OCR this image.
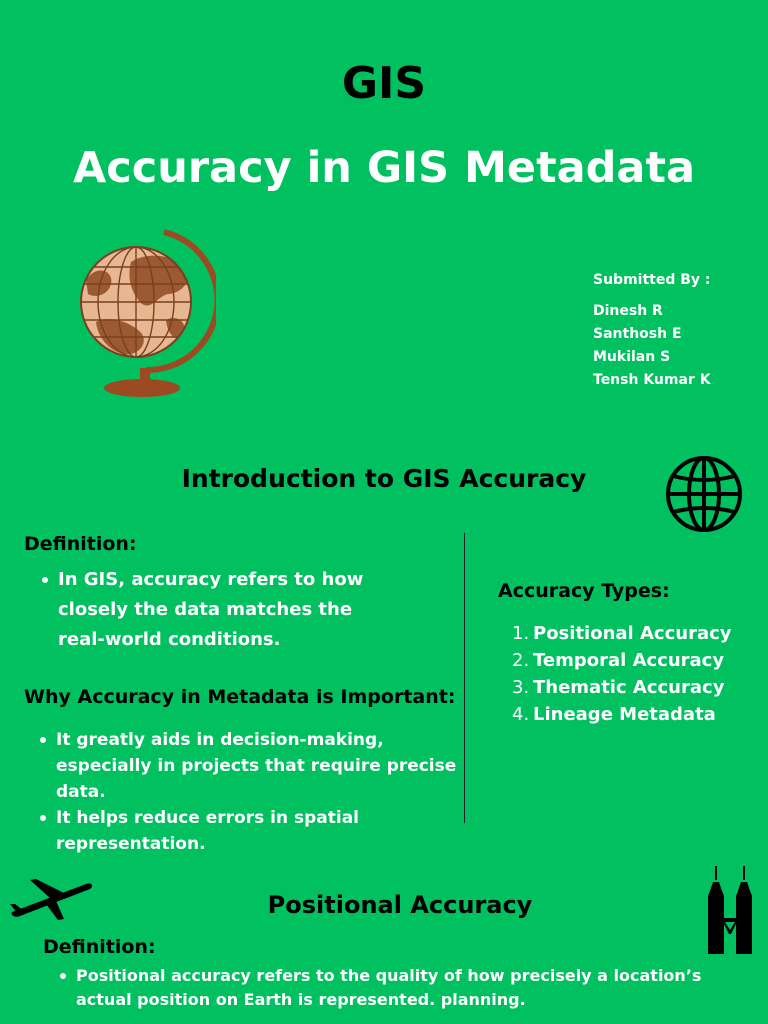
GIS
Accuracy in GIS Metadata
Submitted By :
Dinesh R
Santhosh E
Mukilan S
Tensh Kumar K
Introduction to GIS Accuracy
Definition:
In GIS, accuracy refers to how closely the data matches the real-world conditions.
Why Accuracy in Metadata is Important:
It greatly aids in decision-making, especially in projects that require precise data.
It helps reduce errors in spatial representation.
Accuracy Types:
1. Positional Accuracy
2. Temporal Accuracy
3. Thematic Accuracy
4. Lineage Metadata
Positional Accuracy
Definition:
Positional accuracy refers to the quality of how precisely a location’s actual position on Earth is represented. planning.
